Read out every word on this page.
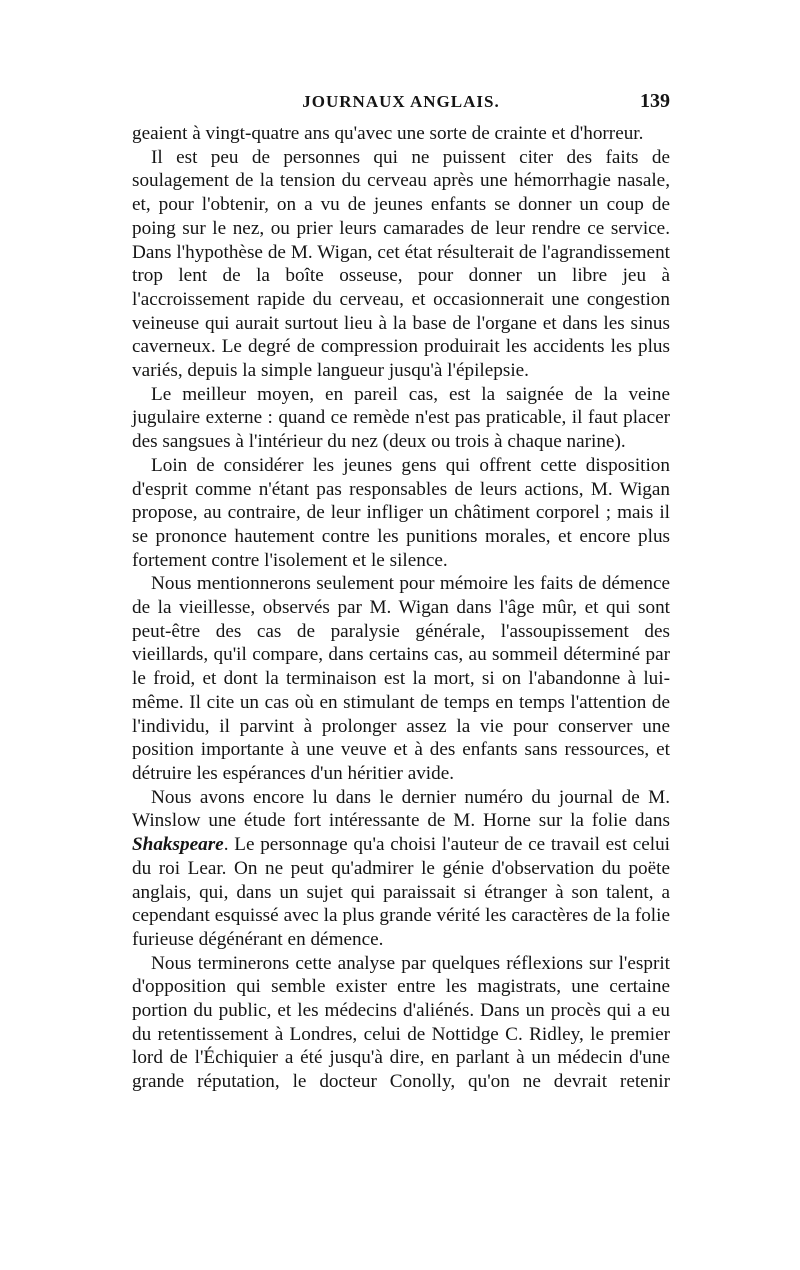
JOURNAUX ANGLAIS.	139

geaient à vingt-quatre ans qu'avec une sorte de crainte et d'horreur.

Il est peu de personnes qui ne puissent citer des faits de soulagement de la tension du cerveau après une hémorrhagie nasale, et, pour l'obtenir, on a vu de jeunes enfants se donner un coup de poing sur le nez, ou prier leurs camarades de leur rendre ce service. Dans l'hypothèse de M. Wigan, cet état résulterait de l'agrandissement trop lent de la boîte osseuse, pour donner un libre jeu à l'accroissement rapide du cerveau, et occasionnerait une congestion veineuse qui aurait surtout lieu à la base de l'organe et dans les sinus caverneux. Le degré de compression produirait les accidents les plus variés, depuis la simple langueur jusqu'à l'épilepsie.

Le meilleur moyen, en pareil cas, est la saignée de la veine jugulaire externe : quand ce remède n'est pas praticable, il faut placer des sangsues à l'intérieur du nez (deux ou trois à chaque narine).

Loin de considérer les jeunes gens qui offrent cette disposition d'esprit comme n'étant pas responsables de leurs actions, M. Wigan propose, au contraire, de leur infliger un châtiment corporel ; mais il se prononce hautement contre les punitions morales, et encore plus fortement contre l'isolement et le silence.

Nous mentionnerons seulement pour mémoire les faits de démence de la vieillesse, observés par M. Wigan dans l'âge mûr, et qui sont peut-être des cas de paralysie générale, l'assoupissement des vieillards, qu'il compare, dans certains cas, au sommeil déterminé par le froid, et dont la terminaison est la mort, si on l'abandonne à lui-même. Il cite un cas où en stimulant de temps en temps l'attention de l'individu, il parvint à prolonger assez la vie pour conserver une position importante à une veuve et à des enfants sans ressources, et détruire les espérances d'un héritier avide.

Nous avons encore lu dans le dernier numéro du journal de M. Winslow une étude fort intéressante de M. Horne sur la folie dans Shakspeare. Le personnage qu'a choisi l'auteur de ce travail est celui du roi Lear. On ne peut qu'admirer le génie d'observation du poëte anglais, qui, dans un sujet qui paraissait si étranger à son talent, a cependant esquissé avec la plus grande vérité les caractères de la folie furieuse dégénérant en démence.

Nous terminerons cette analyse par quelques réflexions sur l'esprit d'opposition qui semble exister entre les magistrats, une certaine portion du public, et les médecins d'aliénés. Dans un procès qui a eu du retentissement à Londres, celui de Nottidge C. Ridley, le premier lord de l'Échiquier a été jusqu'à dire, en parlant à un médecin d'une grande réputation, le docteur Conolly, qu'on ne devrait retenir
